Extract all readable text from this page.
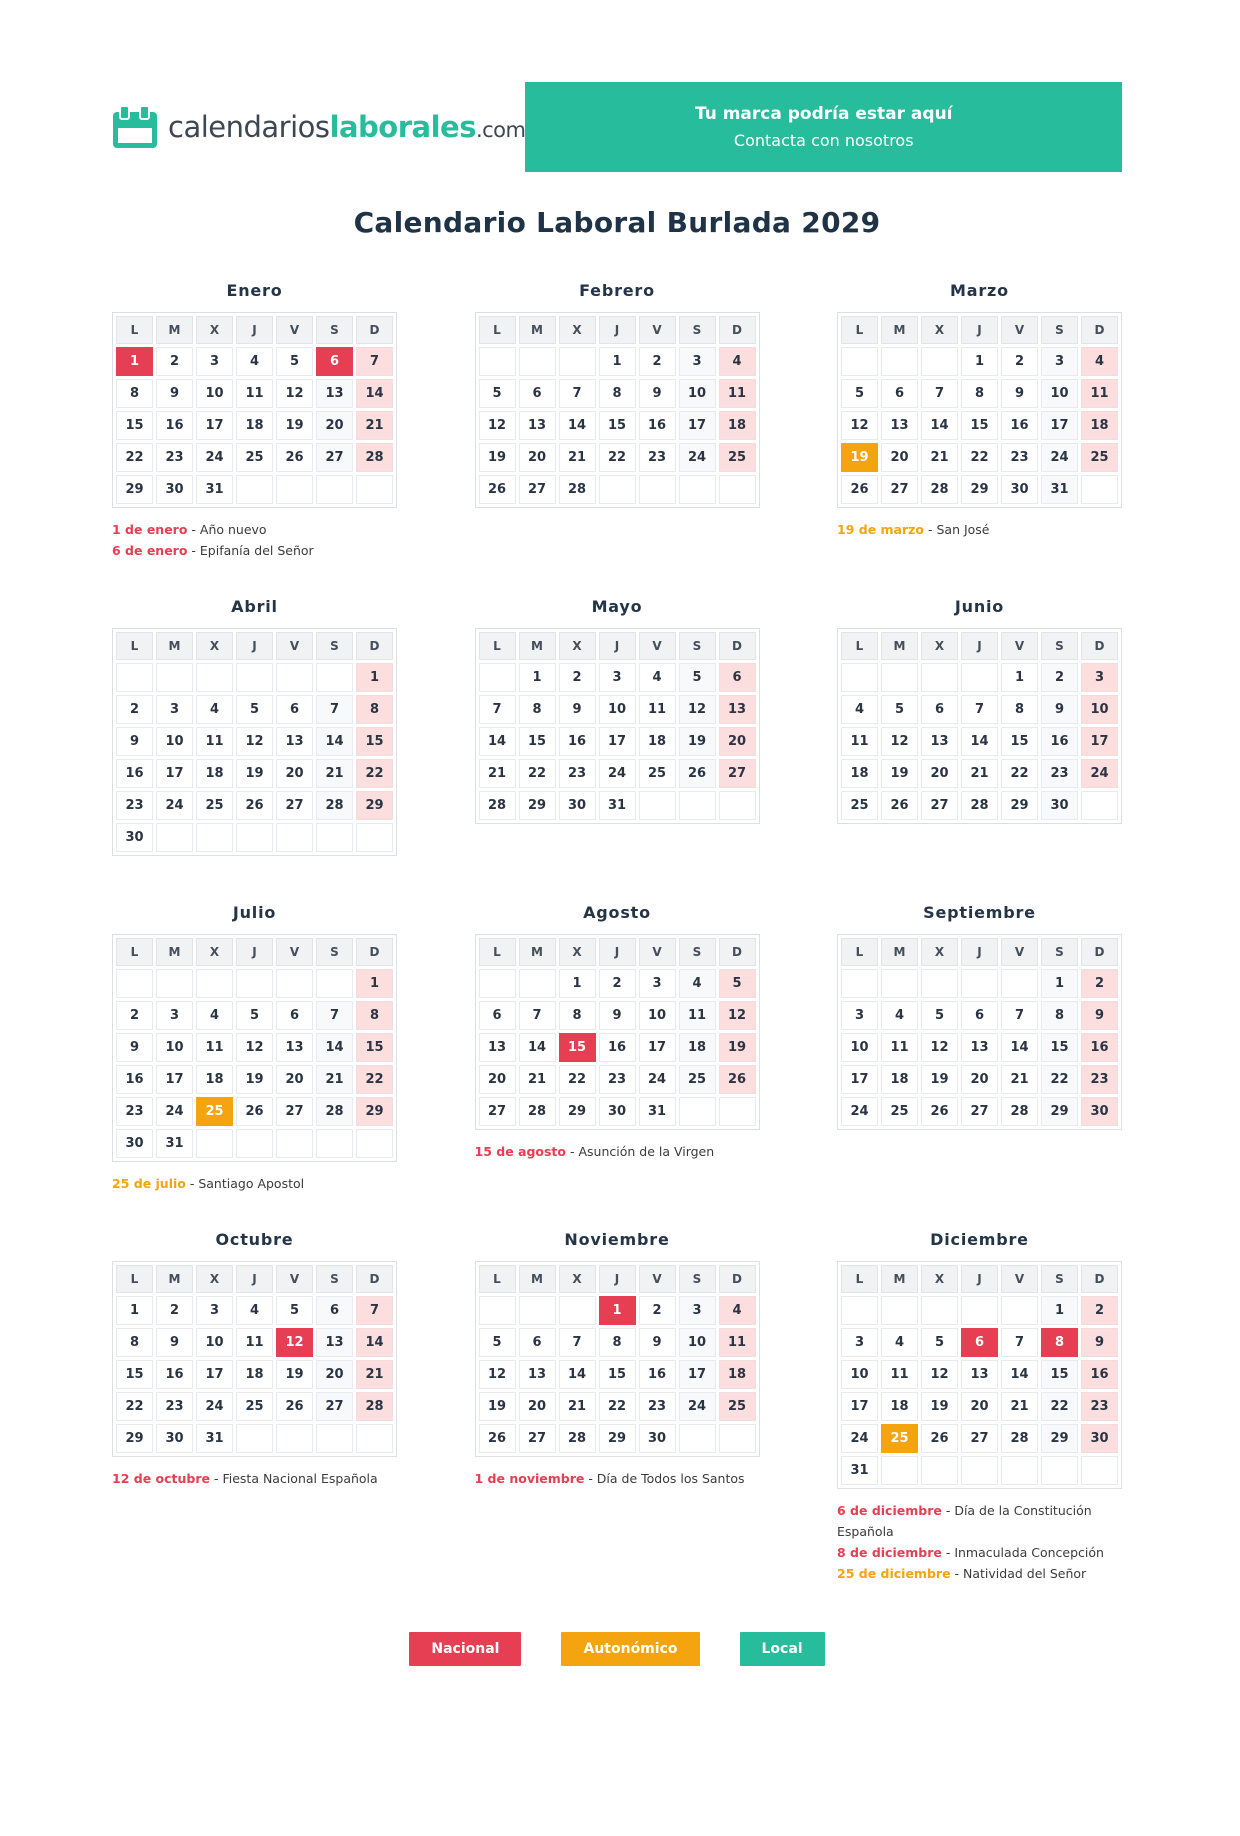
calendarioslaborales.com
Tu marca podría estar aquí
Contacta con nosotros
Calendario Laboral Burlada 2029
Enero
L	M	X	J	V	S	D
1	2	3	4	5	6	7
8	9	10	11	12	13	14
15	16	17	18	19	20	21
22	23	24	25	26	27	28
29	30	31				
1 de enero - Año nuevo
6 de enero - Epifanía del Señor
Febrero
L	M	X	J	V	S	D
			1	2	3	4
5	6	7	8	9	10	11
12	13	14	15	16	17	18
19	20	21	22	23	24	25
26	27	28				
Marzo
L	M	X	J	V	S	D
			1	2	3	4
5	6	7	8	9	10	11
12	13	14	15	16	17	18
19	20	21	22	23	24	25
26	27	28	29	30	31	
19 de marzo - San José
Abril
L	M	X	J	V	S	D
						1
2	3	4	5	6	7	8
9	10	11	12	13	14	15
16	17	18	19	20	21	22
23	24	25	26	27	28	29
30						
Mayo
L	M	X	J	V	S	D
	1	2	3	4	5	6
7	8	9	10	11	12	13
14	15	16	17	18	19	20
21	22	23	24	25	26	27
28	29	30	31			
Junio
L	M	X	J	V	S	D
				1	2	3
4	5	6	7	8	9	10
11	12	13	14	15	16	17
18	19	20	21	22	23	24
25	26	27	28	29	30	
Julio
L	M	X	J	V	S	D
						1
2	3	4	5	6	7	8
9	10	11	12	13	14	15
16	17	18	19	20	21	22
23	24	25	26	27	28	29
30	31					
25 de julio - Santiago Apostol
Agosto
L	M	X	J	V	S	D
		1	2	3	4	5
6	7	8	9	10	11	12
13	14	15	16	17	18	19
20	21	22	23	24	25	26
27	28	29	30	31		
15 de agosto - Asunción de la Virgen
Septiembre
L	M	X	J	V	S	D
					1	2
3	4	5	6	7	8	9
10	11	12	13	14	15	16
17	18	19	20	21	22	23
24	25	26	27	28	29	30
Octubre
L	M	X	J	V	S	D
1	2	3	4	5	6	7
8	9	10	11	12	13	14
15	16	17	18	19	20	21
22	23	24	25	26	27	28
29	30	31				
12 de octubre - Fiesta Nacional Española
Noviembre
L	M	X	J	V	S	D
			1	2	3	4
5	6	7	8	9	10	11
12	13	14	15	16	17	18
19	20	21	22	23	24	25
26	27	28	29	30		
1 de noviembre - Día de Todos los Santos
Diciembre
L	M	X	J	V	S	D
					1	2
3	4	5	6	7	8	9
10	11	12	13	14	15	16
17	18	19	20	21	22	23
24	25	26	27	28	29	30
31						
6 de diciembre - Día de la Constitución Española
8 de diciembre - Inmaculada Concepción
25 de diciembre - Natividad del Señor
Nacional	Autonómico	Local
